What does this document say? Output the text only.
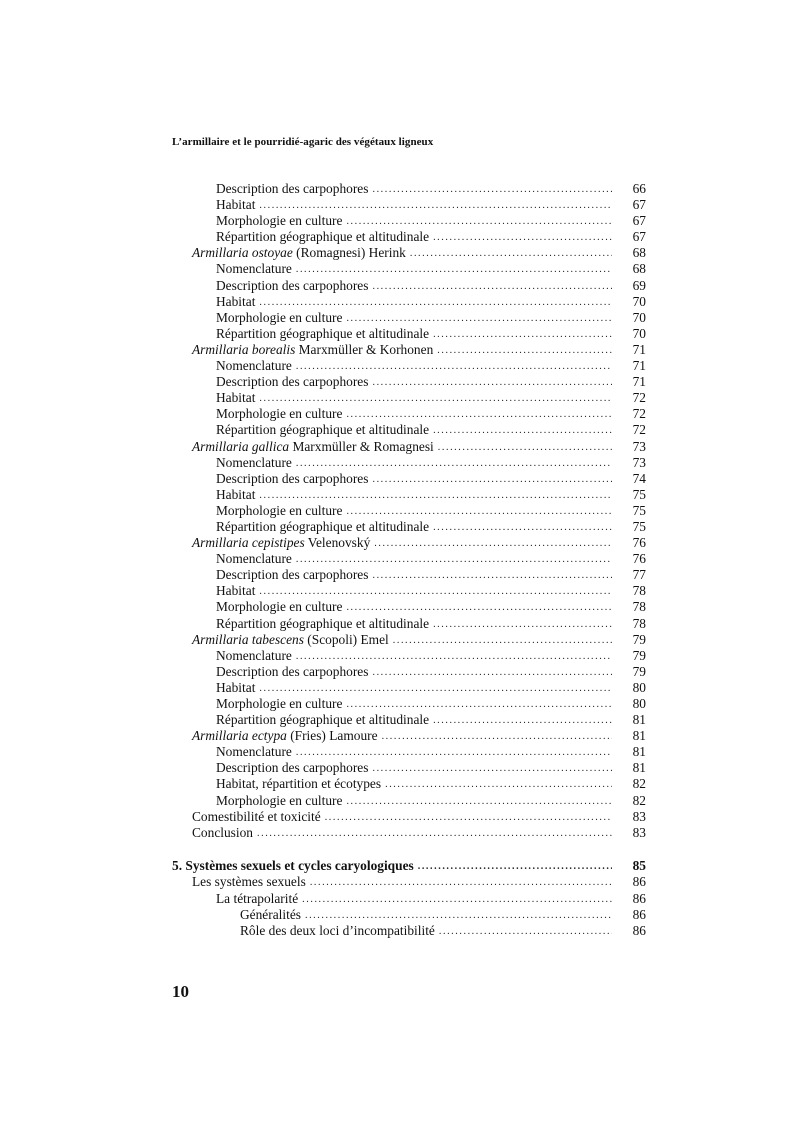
L’armillaire et le pourridié-agaric des végétaux ligneux
Description des carpophores .....	66
Habitat .....	67
Morphologie en culture .....	67
Répartition géographique et altitudinale .....	67
Armillaria ostoyae (Romagnesi) Herink .....	68
Nomenclature .....	68
Description des carpophores .....	69
Habitat .....	70
Morphologie en culture .....	70
Répartition géographique et altitudinale .....	70
Armillaria borealis Marxmüller & Korhonen .....	71
Nomenclature .....	71
Description des carpophores .....	71
Habitat .....	72
Morphologie en culture .....	72
Répartition géographique et altitudinale .....	72
Armillaria gallica Marxmüller & Romagnesi .....	73
Nomenclature .....	73
Description des carpophores .....	74
Habitat .....	75
Morphologie en culture .....	75
Répartition géographique et altitudinale .....	75
Armillaria cepistipes Velenovský .....	76
Nomenclature .....	76
Description des carpophores .....	77
Habitat .....	78
Morphologie en culture .....	78
Répartition géographique et altitudinale .....	78
Armillaria tabescens (Scopoli) Emel .....	79
Nomenclature .....	79
Description des carpophores .....	79
Habitat .....	80
Morphologie en culture .....	80
Répartition géographique et altitudinale .....	81
Armillaria ectypa (Fries) Lamoure .....	81
Nomenclature .....	81
Description des carpophores .....	81
Habitat, répartition et écotypes .....	82
Morphologie en culture .....	82
Comestibilité et toxicité .....	83
Conclusion .....	83
5. Systèmes sexuels et cycles caryologiques .....	85
Les systèmes sexuels .....	86
La tétrapolarité .....	86
Généralités .....	86
Rôle des deux loci d’incompatibilité .....	86
10
